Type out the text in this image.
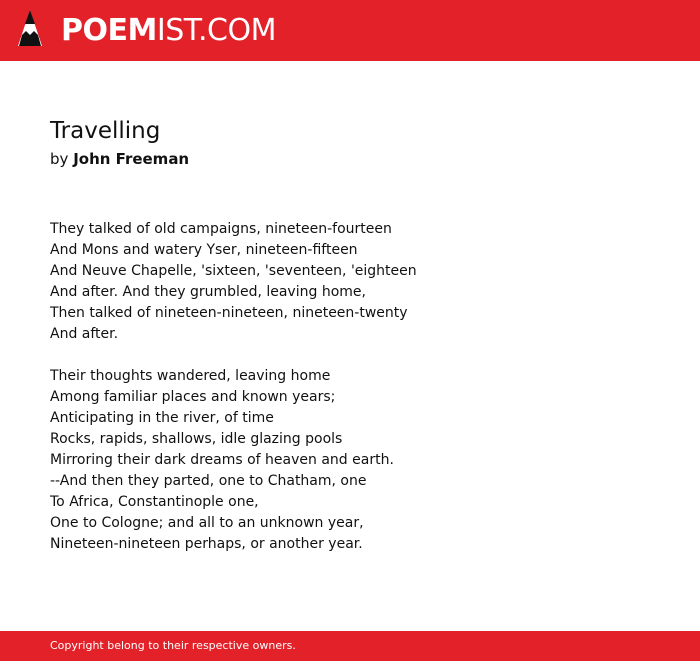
POEMIST.COM
Travelling
by John Freeman
They talked of old campaigns, nineteen-fourteen
And Mons and watery Yser, nineteen-fifteen
And Neuve Chapelle, 'sixteen, 'seventeen, 'eighteen
And after. And they grumbled, leaving home,
Then talked of nineteen-nineteen, nineteen-twenty
And after.
Their thoughts wandered, leaving home
Among familiar places and known years;
Anticipating in the river, of time
Rocks, rapids, shallows, idle glazing pools
Mirroring their dark dreams of heaven and earth.
--And then they parted, one to Chatham, one
To Africa, Constantinople one,
One to Cologne; and all to an unknown year,
Nineteen-nineteen perhaps, or another year.
Copyright belong to their respective owners.
